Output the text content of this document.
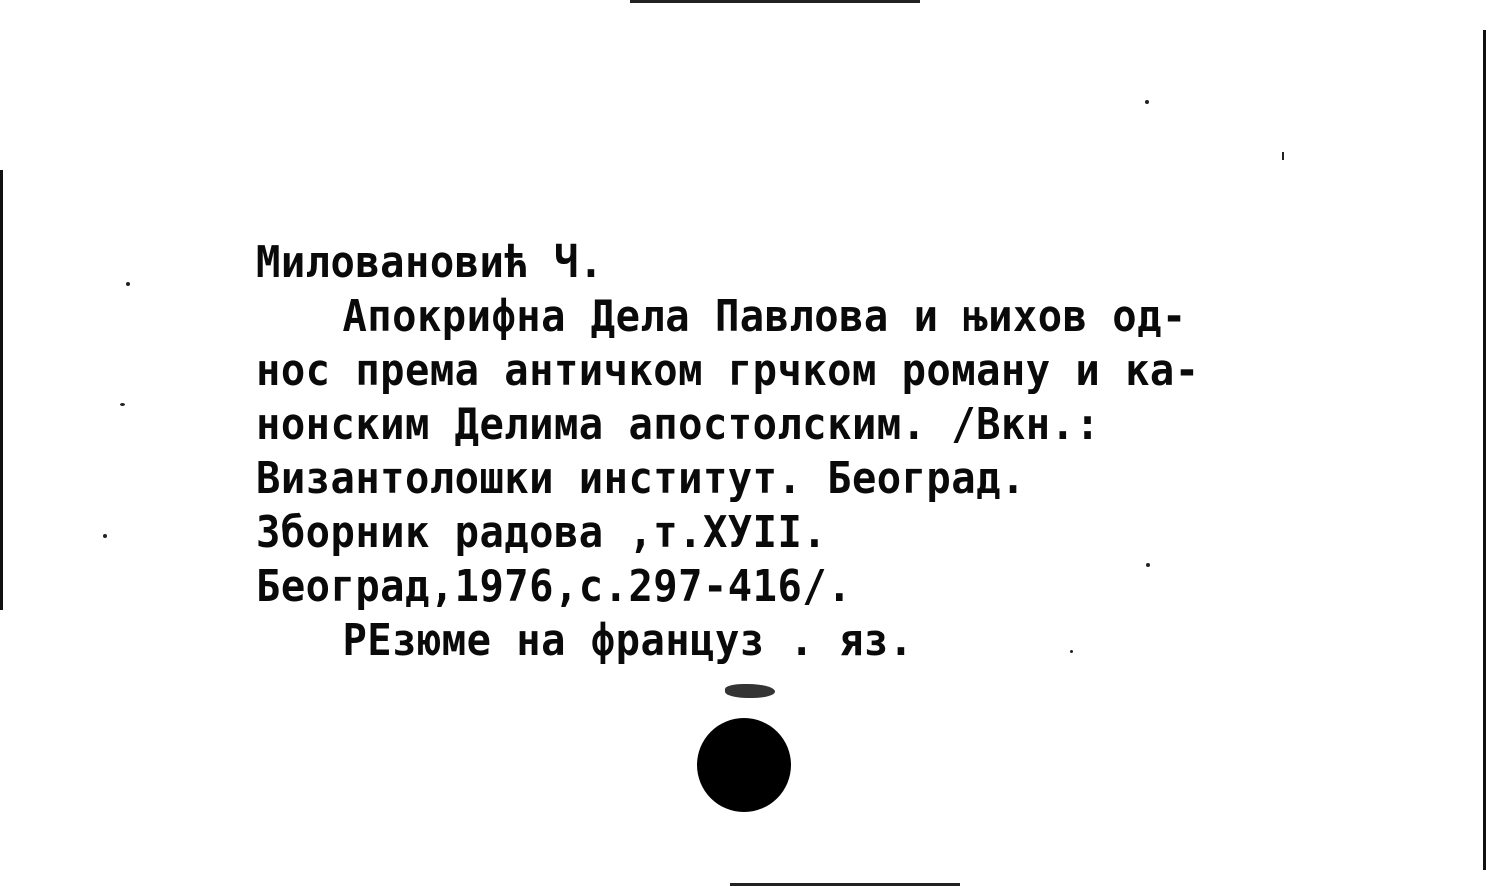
Миловановић Ч.
Апокрифна Дела Павлова и њихов од-
нос према античком грчком роману и ка-
нонским Делима апостолским. /Вкн.:
Византолошки институт. Београд.
Зборник радова ,т.ХУII.
Београд,1976,с.297-416/.
РЕзюме на француз . яз.
